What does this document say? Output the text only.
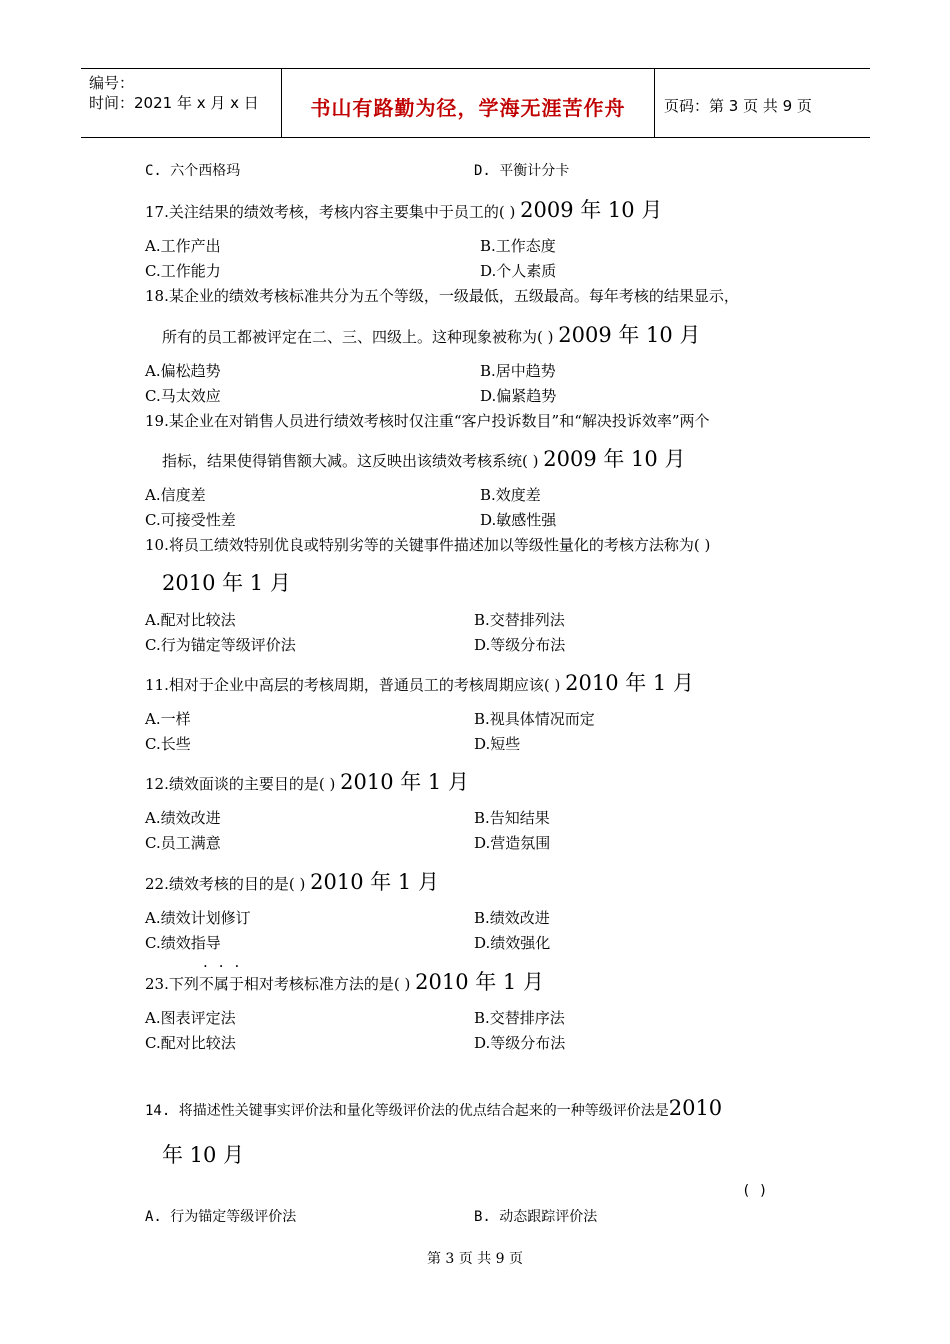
编号：
时间：2021 年 x 月 x 日	书山有路勤为径，学海无涯苦作舟	页码：第 3 页 共 9 页
C. 六个西格玛	D. 平衡计分卡
17.关注结果的绩效考核，考核内容主要集中于员工的( ) 2009 年 10 月
A.工作产出	B.工作态度
C.工作能力	D.个人素质
18.某企业的绩效考核标准共分为五个等级，一级最低，五级最高。每年考核的结果显示，
所有的员工都被评定在二、三、四级上。这种现象被称为( ) 2009 年 10 月
A.偏松趋势	B.居中趋势
C.马太效应	D.偏紧趋势
19.某企业在对销售人员进行绩效考核时仅注重“客户投诉数目”和“解决投诉效率”两个
指标，结果使得销售额大减。这反映出该绩效考核系统( ) 2009 年 10 月
A.信度差	B.效度差
C.可接受性差	D.敏感性强
10.将员工绩效特别优良或特别劣等的关键事件描述加以等级性量化的考核方法称为( )
2010 年 1 月
A.配对比较法	B.交替排列法
C.行为锚定等级评价法	D.等级分布法
11.相对于企业中高层的考核周期，普通员工的考核周期应该( ) 2010 年 1 月
A.一样	B.视具体情况而定
C.长些	D.短些
12.绩效面谈的主要目的是( ) 2010 年 1 月
A.绩效改进	B.告知结果
C.员工满意	D.营造氛围
22.绩效考核的目的是( ) 2010 年 1 月
A.绩效计划修订	B.绩效改进
C.绩效指导	D.绩效强化
...
23.下列不属于相对考核标准方法的是( ) 2010 年 1 月
A.图表评定法	B.交替排序法
C.配对比较法	D.等级分布法
14. 将描述性关键事实评价法和量化等级评价法的优点结合起来的一种等级评价法是2010
年 10 月
( )
A. 行为锚定等级评价法	B. 动态跟踪评价法
第 3 页 共 9 页
